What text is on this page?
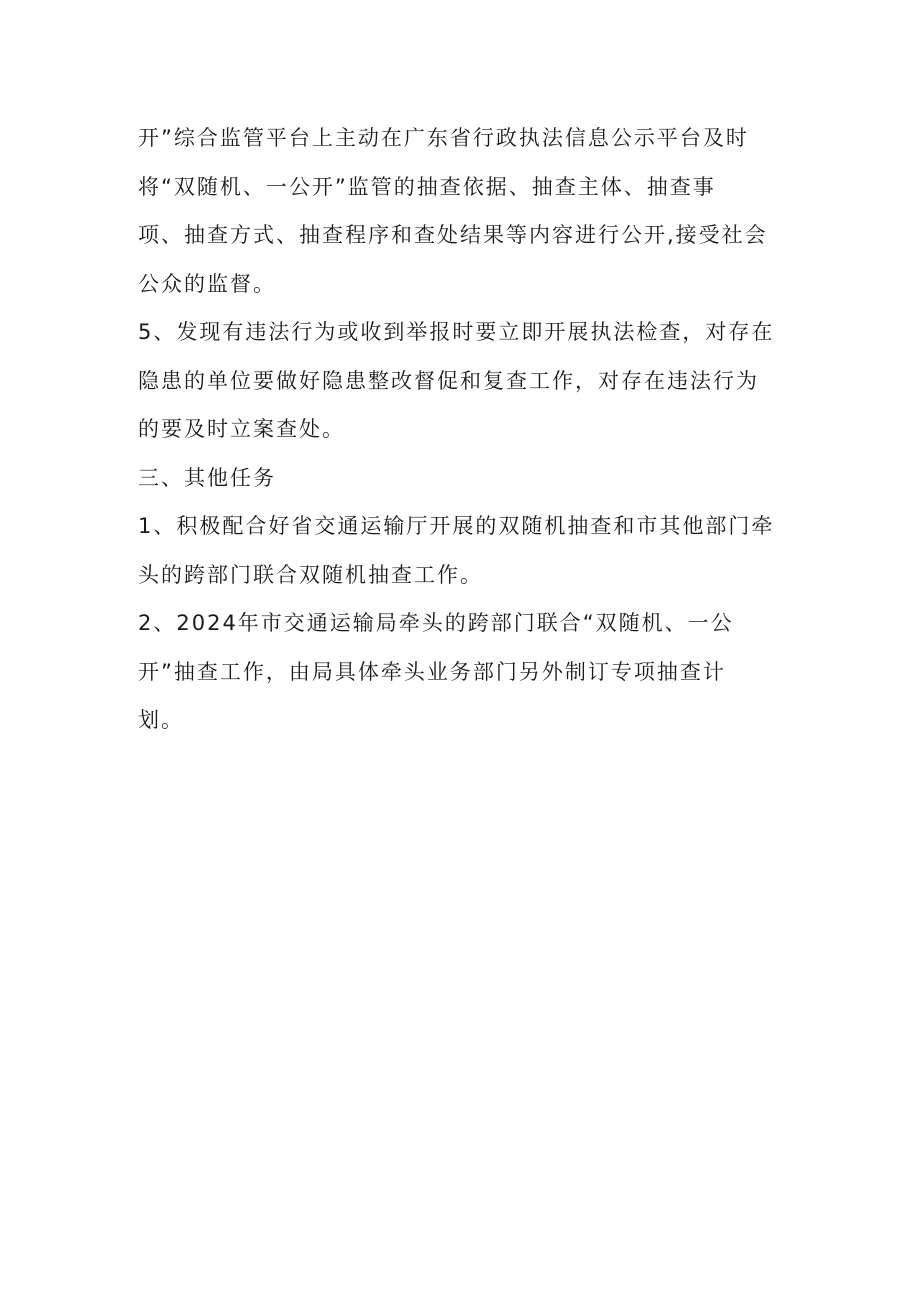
开”综合监管平台上主动在广东省行政执法信息公示平台及时
将“双随机、一公开”监管的抽查依据、抽查主体、抽查事
项、抽查方式、抽查程序和查处结果等内容进行公开,接受社会
公众的监督。
5、发现有违法行为或收到举报时要立即开展执法检查，对存在
隐患的单位要做好隐患整改督促和复查工作，对存在违法行为
的要及时立案查处。
三、其他任务
1、积极配合好省交通运输厅开展的双随机抽查和市其他部门牵
头的跨部门联合双随机抽查工作。
2、2024年市交通运输局牵头的跨部门联合“双随机、一公
开”抽查工作，由局具体牵头业务部门另外制订专项抽查计
划。
